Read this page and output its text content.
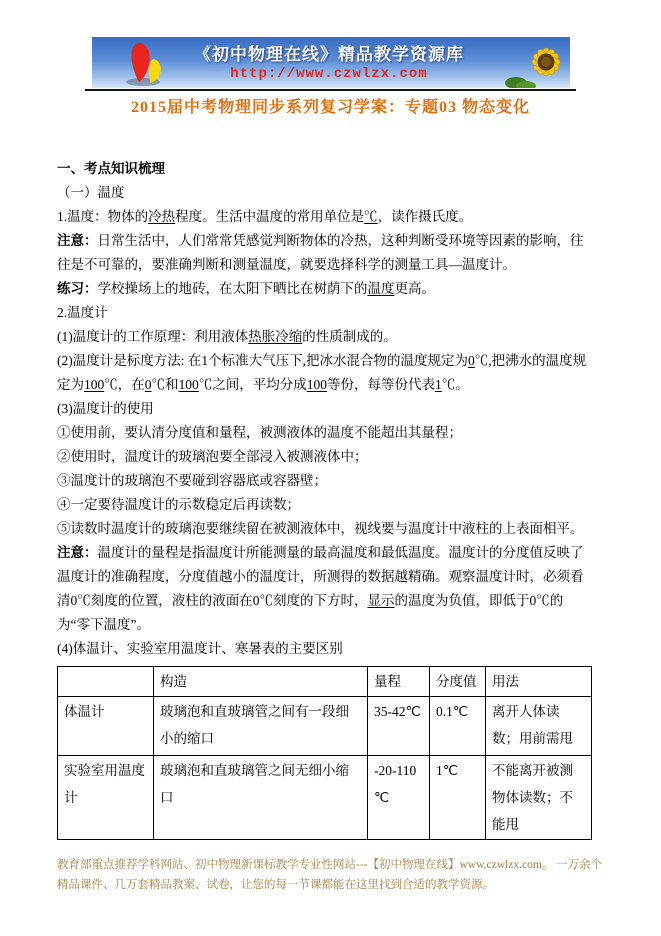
《初中物理在线》精品教学资源库
http://www.czwlzx.com
2015届中考物理同步系列复习学案：专题03 物态变化

一、考点知识梳理

（一）温度

1.温度：物体的冷热程度。生活中温度的常用单位是℃，读作摄氏度。

注意：日常生活中，人们常常凭感觉判断物体的冷热，这种判断受环境等因素的影响，往往是不可靠的，要准确判断和测量温度，就要选择科学的测量工具—温度计。

练习：学校操场上的地砖，在太阳下晒比在树荫下的温度更高。

2.温度计

(1)温度计的工作原理：利用液体热胀冷缩的性质制成的。

(2)温度计是标度方法: 在1个标准大气压下,把冰水混合物的温度规定为0℃,把沸水的温度规定为100℃，在0℃和100℃之间，平均分成100等份，每等份代表1℃。

(3)温度计的使用

①使用前，要认清分度值和量程，被测液体的温度不能超出其量程；

②使用时，温度计的玻璃泡要全部浸入被测液体中；

③温度计的玻璃泡不要碰到容器底或容器壁；

④一定要待温度计的示数稳定后再读数；

⑤读数时温度计的玻璃泡要继续留在被测液体中，视线要与温度计中液柱的上表面相平。

注意：温度计的量程是指温度计所能测量的最高温度和最低温度。温度计的分度值反映了温度计的准确程度，分度值越小的温度计，所测得的数据越精确。观察温度计时，必须看清0℃刻度的位置，液柱的液面在0℃刻度的下方时，显示的温度为负值，即低于0℃的为“零下温度”。

(4)体温计、实验室用温度计、寒暑表的主要区别

	构造	量程	分度值	用法
体温计	玻璃泡和直玻璃管之间有一段细小的缩口	35-42℃	0.1℃	离开人体读数；用前需甩
实验室用温度计	玻璃泡和直玻璃管之间无细小缩口	-20-110 ℃	1℃	不能离开被测物体读数；不能甩
教育部重点推荐学科网站、初中物理新课标教学专业性网站---【初中物理在线】www.czwlzx.com。 一万余个精品课件、几万套精品教案、试卷，让您的每一节课都能在这里找到合适的教学资源。
